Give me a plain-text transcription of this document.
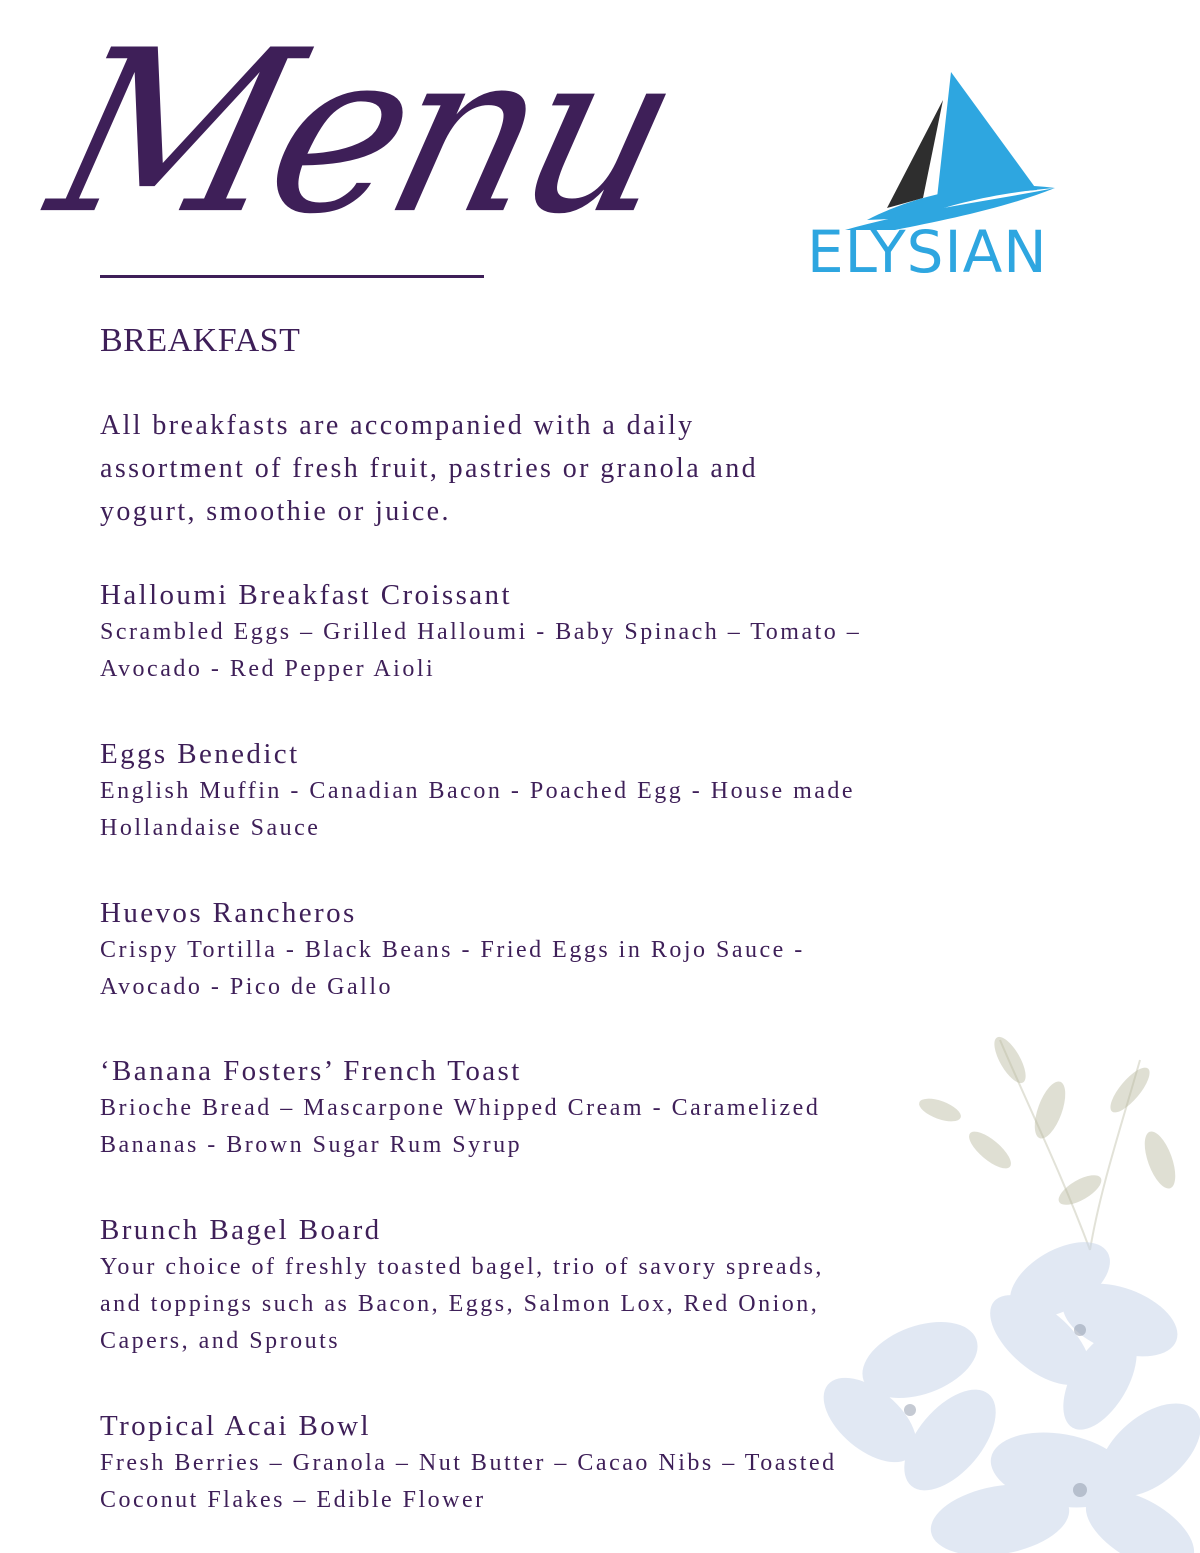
Menu ELYSIAN
BREAKFAST
All breakfasts are accompanied with a daily
assortment of fresh fruit, pastries or granola and
yogurt, smoothie or juice.
Halloumi Breakfast Croissant
Scrambled Eggs – Grilled Halloumi - Baby Spinach – Tomato –
Avocado - Red Pepper Aioli
Eggs Benedict
English Muffin - Canadian Bacon - Poached Egg - House made
Hollandaise Sauce
Huevos Rancheros
Crispy Tortilla - Black Beans - Fried Eggs in Rojo Sauce -
Avocado - Pico de Gallo
‘Banana Fosters’ French Toast
Brioche Bread – Mascarpone Whipped Cream - Caramelized
Bananas - Brown Sugar Rum Syrup
Brunch Bagel Board
Your choice of freshly toasted bagel, trio of savory spreads,
and toppings such as Bacon, Eggs, Salmon Lox, Red Onion,
Capers, and Sprouts
Tropical Acai Bowl
Fresh Berries – Granola – Nut Butter – Cacao Nibs – Toasted
Coconut Flakes – Edible Flower
